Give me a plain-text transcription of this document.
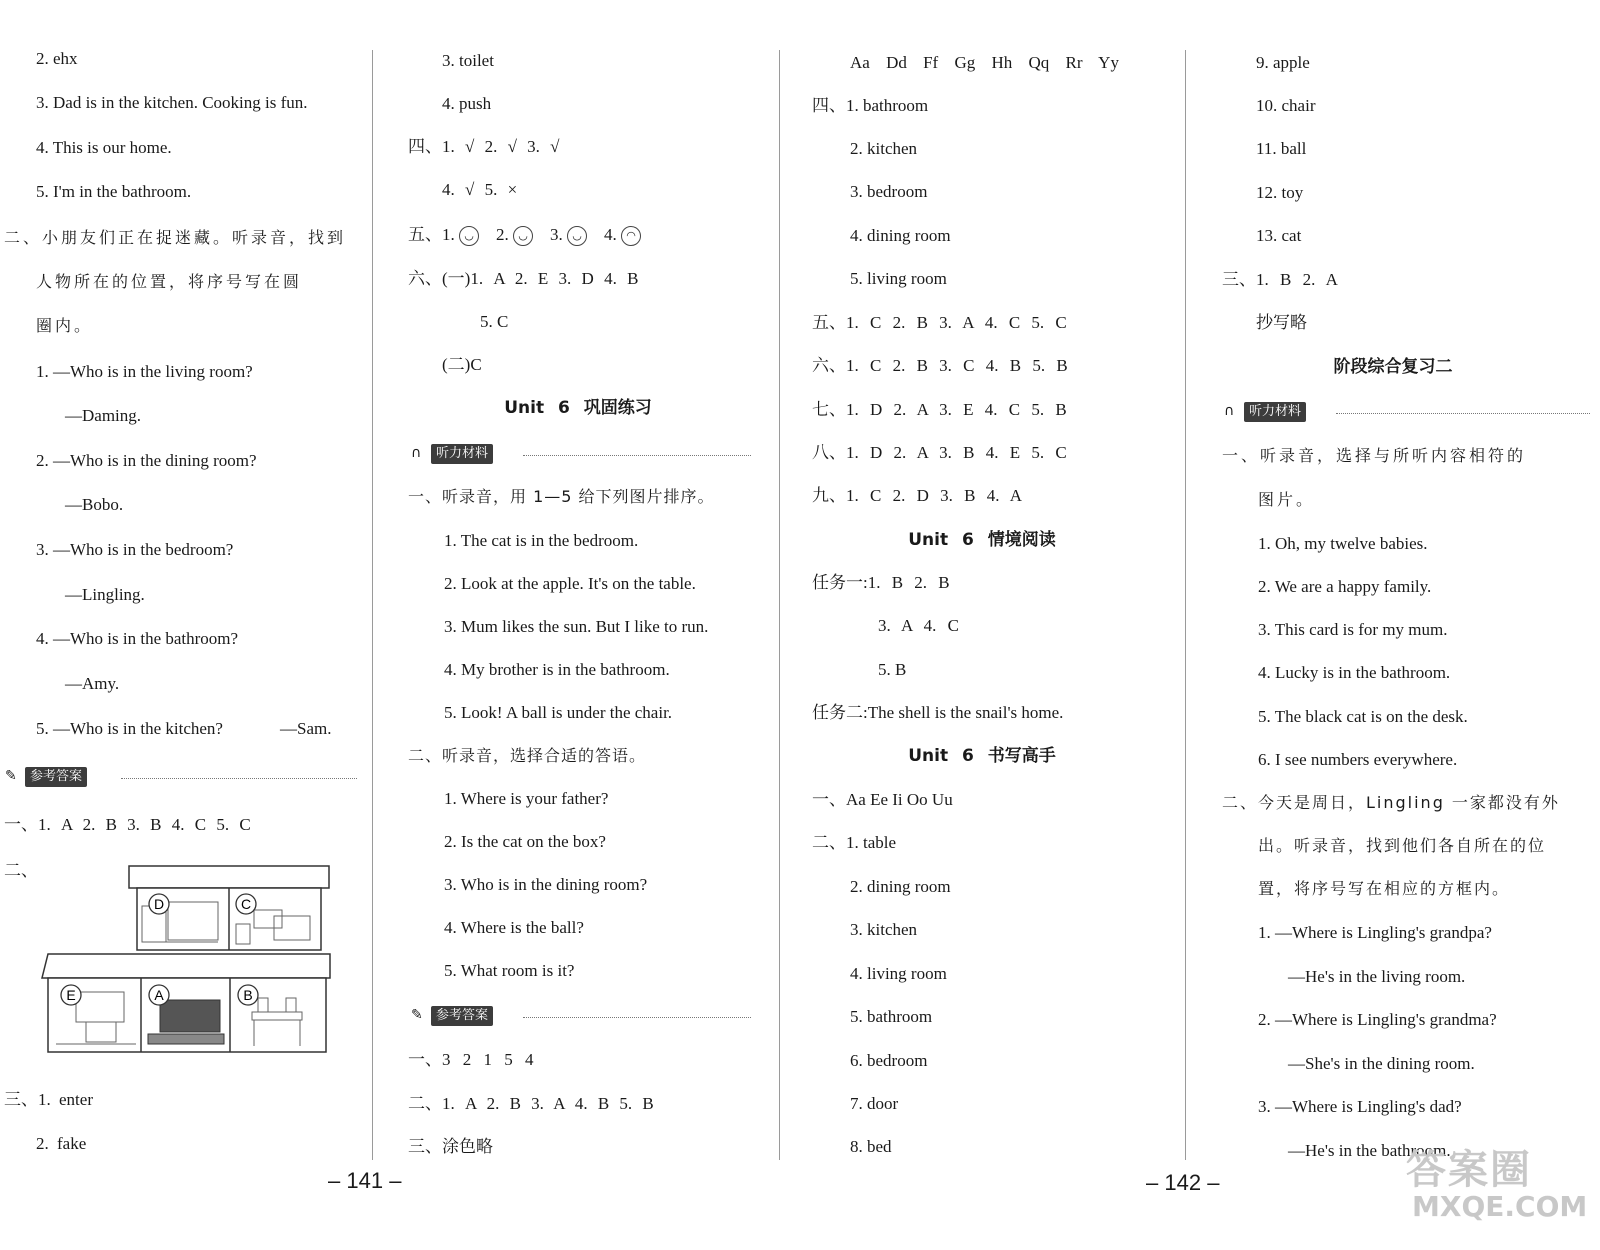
2. ehx
3. Dad is in the kitchen. Cooking is fun.
4. This is our home.
5. I'm in the bathroom.
二、小朋友们正在捉迷藏。听录音，找到
人物所在的位置，将序号写在圆
圈内。
1. —Who is in the living room?
—Daming.
2. —Who is in the dining room?
—Bobo.
3. —Who is in the bedroom?
—Lingling.
4. —Who is in the bathroom?
—Amy.
5. —Who is in the kitchen?	—Sam.
✎	参考答案
一、1. A 2. B 3. B 4. C 5. C
二、
D	C
E	A	B
三、1. enter
2. fake
3. toilet
4. push
四、1. √ 2. √ 3. √
4. √ 5. ×
五、1. ◡ 2. ◡ 3. ◡ 4. ◠
六、(一)1. A 2. E 3. D 4. B
5. C
(二)C
Unit 6 巩固练习
∩	听力材料
一、听录音，用 1—5 给下列图片排序。
1. The cat is in the bedroom.
2. Look at the apple. It's on the table.
3. Mum likes the sun. But I like to run.
4. My brother is in the bathroom.
5. Look! A ball is under the chair.
二、听录音，选择合适的答语。
1. Where is your father?
2. Is the cat on the box?
3. Who is in the dining room?
4. Where is the ball?
5. What room is it?
✎	参考答案
一、3 2 1 5 4
二、1. A 2. B 3. A 4. B 5. B
三、涂色略
– 141 –
Aa Dd Ff Gg Hh Qq Rr Yy
四、1. bathroom
2. kitchen
3. bedroom
4. dining room
5. living room
五、1. C 2. B 3. A 4. C 5. C
六、1. C 2. B 3. C 4. B 5. B
七、1. D 2. A 3. E 4. C 5. B
八、1. D 2. A 3. B 4. E 5. C
九、1. C 2. D 3. B 4. A
Unit 6 情境阅读
任务一:1. B 2. B
3. A 4. C
5. B
任务二:The shell is the snail's home.
Unit 6 书写高手
一、Aa Ee Ii Oo Uu
二、1. table
2. dining room
3. kitchen
4. living room
5. bathroom
6. bedroom
7. door
8. bed
9. apple
10. chair
11. ball
12. toy
13. cat
三、1. B 2. A
抄写略
阶段综合复习二
∩	听力材料
一、听录音，选择与所听内容相符的
图片。
1. Oh, my twelve babies.
2. We are a happy family.
3. This card is for my mum.
4. Lucky is in the bathroom.
5. The black cat is on the desk.
6. I see numbers everywhere.
二、今天是周日，Lingling 一家都没有外
出。听录音，找到他们各自所在的位
置，将序号写在相应的方框内。
1. —Where is Lingling's grandpa?
—He's in the living room.
2. —Where is Lingling's grandma?
—She's in the dining room.
3. —Where is Lingling's dad?
—He's in the bathroom.
– 142 –	答案圈
MXQE.COM
